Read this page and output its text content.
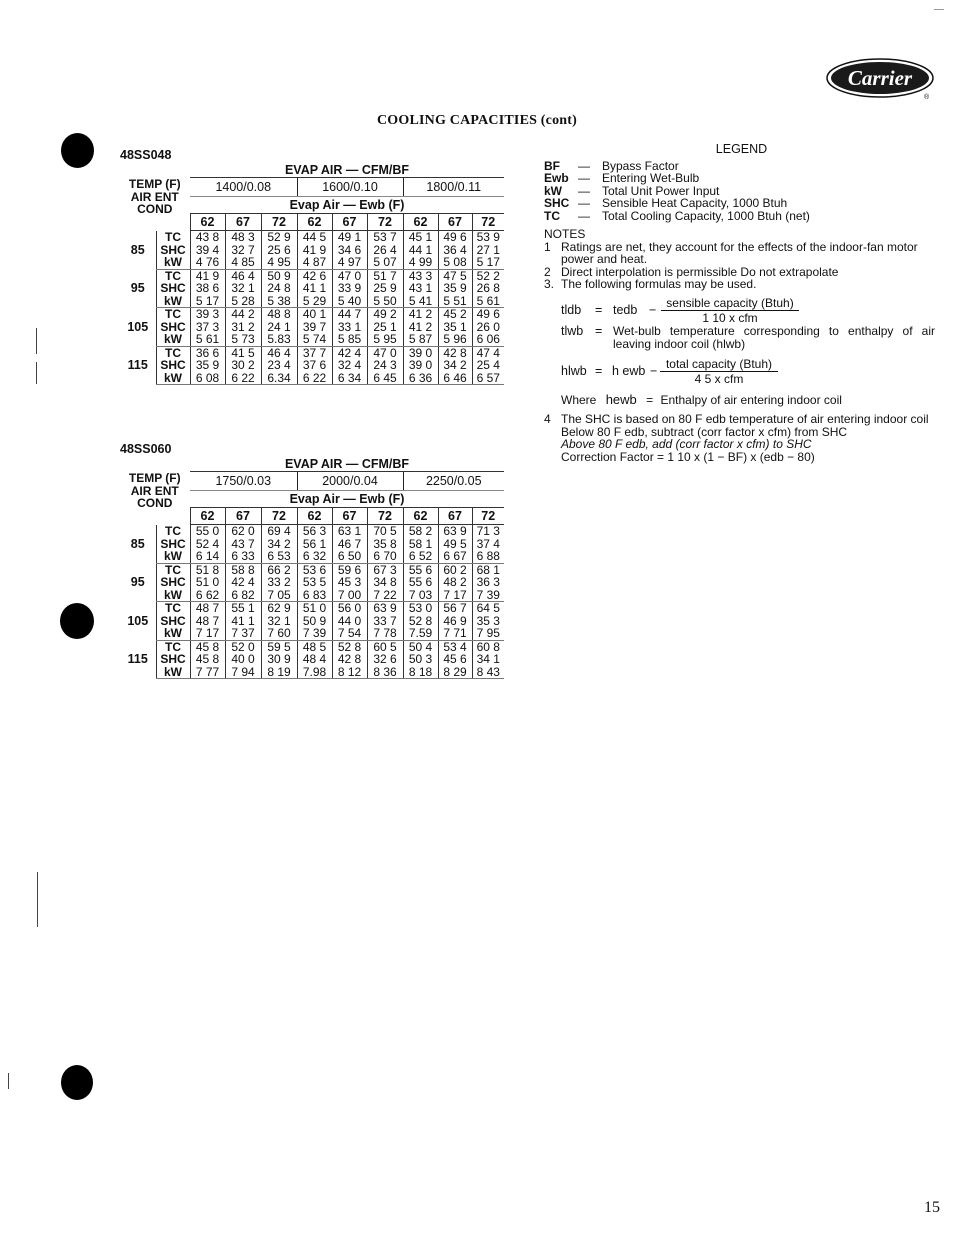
Carrier
®
COOLING CAPACITIES (cont)
48SS048
TEMP (F)
AIR ENT
COND		EVAP AIR — CFM/BF								
		1400/0.08			1600/0.10			1800/0.11		
		Evap Air — Ewb (F)								
		62	67	72	62	67	72	62	67	72
85	TC	43 8	48 3	52 9	44 5	49 1	53 7	45 1	49 6	53 9
	SHC	39 4	32 7	25 6	41 9	34 6	26 4	44 1	36 4	27 1
	kW	4 76	4 85	4 95	4 87	4 97	5 07	4 99	5 08	5 17
95	TC	41 9	46 4	50 9	42 6	47 0	51 7	43 3	47 5	52 2
	SHC	38 6	32 1	24 8	41 1	33 9	25 9	43 1	35 9	26 8
	kW	5 17	5 28	5 38	5 29	5 40	5 50	5 41	5 51	5 61
105	TC	39 3	44 2	48 8	40 1	44 7	49 2	41 2	45 2	49 6
	SHC	37 3	31 2	24 1	39 7	33 1	25 1	41 2	35 1	26 0
	kW	5 61	5 73	5.83	5 74	5 85	5 95	5 87	5 96	6 06
115	TC	36 6	41 5	46 4	37 7	42 4	47 0	39 0	42 8	47 4
	SHC	35 9	30 2	23 4	37 6	32 4	24 3	39 0	34 2	25 4
	kW	6 08	6 22	6.34	6 22	6 34	6 45	6 36	6 46	6 57
48SS060
TEMP (F)
AIR ENT
COND		EVAP AIR — CFM/BF								
		1750/0.03			2000/0.04			2250/0.05		
		Evap Air — Ewb (F)								
		62	67	72	62	67	72	62	67	72
85	TC	55 0	62 0	69 4	56 3	63 1	70 5	58 2	63 9	71 3
	SHC	52 4	43 7	34 2	56 1	46 7	35 8	58 1	49 5	37 4
	kW	6 14	6 33	6 53	6 32	6 50	6 70	6 52	6 67	6 88
95	TC	51 8	58 8	66 2	53 6	59 6	67 3	55 6	60 2	68 1
	SHC	51 0	42 4	33 2	53 5	45 3	34 8	55 6	48 2	36 3
	kW	6 62	6 82	7 05	6 83	7 00	7 22	7 03	7 17	7 39
105	TC	48 7	55 1	62 9	51 0	56 0	63 9	53 0	56 7	64 5
	SHC	48 7	41 1	32 1	50 9	44 0	33 7	52 8	46 9	35 3
	kW	7 17	7 37	7 60	7 39	7 54	7 78	7.59	7 71	7 95
115	TC	45 8	52 0	59 5	48 5	52 8	60 5	50 4	53 4	60 8
	SHC	45 8	40 0	30 9	48 4	42 8	32 6	50 3	45 6	34 1
	kW	7 77	7 94	8 19	7.98	8 12	8 36	8 18	8 29	8 43
LEGEND
BF	—	Bypass Factor
Ewb —	Entering Wet-Bulb
kW	—	Total Unit Power Input
SHC —	Sensible Heat Capacity, 1000 Btuh
TC	—	Total Cooling Capacity, 1000 Btuh (net)
NOTES
1 Ratings are net, they account for the effects of the indoor-fan motor power and heat.
2 Direct interpolation is permissible Do not extrapolate
3. The following formulas may be used.
tldb = tedb − sensible capacity (Btuh)
1 10 x cfm
tlwb = Wet-bulb temperature corresponding to enthalpy of air leaving indoor coil (hlwb)
hlwb = h ewb − total capacity (Btuh)
4 5 x cfm
Where hewb = Enthalpy of air entering indoor coil
4 The SHC is based on 80 F edb temperature of air entering indoor coil
Below 80 F edb, subtract (corr factor x cfm) from SHC
Above 80 F edb, add (corr factor x cfm) to SHC
Correction Factor = 1 10 x (1 − BF) x (edb − 80)
15
